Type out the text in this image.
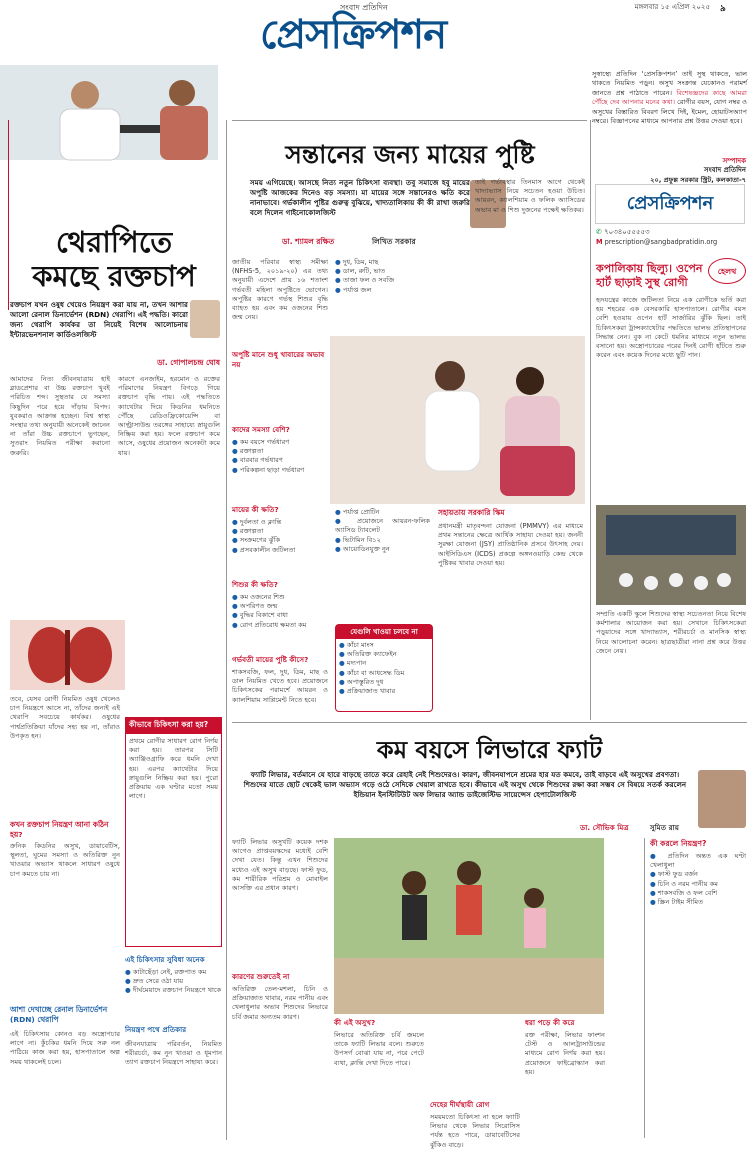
সংবাদ প্রতিদিন
প্রেসক্রিপশন
মঙ্গলবার ১৫ এপ্রিল ২০২৫ ৯
থেরাপিতে
কমছে রক্তচাপ
রক্তচাপ যখন ওষুধ খেয়েও নিয়ন্ত্রণ করা যায় না, তখন আশার আলো রেনাল ডিনার্ভেশন (RDN) থেরাপি। এই পদ্ধতি। কারো জন্য থেরাপি কার্যকর তা নিয়েই বিশেষ আলোচনায় ইন্টারভেনশনাল কার্ডিওলজিস্ট
ডা. গোপালচন্দ্র ঘোষ
আমাদের নিত্য জীবনযাত্রায় হাই ব্লাডপ্রেশার বা উচ্চ রক্তচাপ খুবই পরিচিত শব্দ। সুস্থতার যে সমস্যা কিছুদিন পরে হয়ে দাঁড়ায় বিপদ। যুবকরাও আক্রান্ত হচ্ছেন। বিশ্ব স্বাস্থ্য সংস্থার তথ্য অনুযায়ী অনেকেই জানেন না তাঁরা উচ্চ রক্তচাপে ভুগছেন, সুতরাং নিয়মিত পরীক্ষা করানো জরুরি।
কারণে এনজাইম, হরমোন ও রক্তের পরিমাণের নিয়ন্ত্রণ বিগড়ে গিয়ে রক্তচাপ বৃদ্ধি পায়। এই পদ্ধতিতে ক্যাথেটার দিয়ে কিডনির ধমনিতে পৌঁছে রেডিওফ্রিকোয়েন্সি বা আল্ট্রাসাউন্ড তরঙ্গের সাহায্যে স্নায়ুগুলি নিষ্ক্রিয় করা হয়। ফলে রক্তচাপ কমে আসে, ওষুধের প্রয়োজন অনেকটা কমে যায়।
তবে, যেসব রোগী নিয়মিত ওষুধ খেলেও চাপ নিয়ন্ত্রণে আসে না, তাঁদের জন্যই এই থেরাপি সবচেয়ে কার্যকর। ওষুধের পার্শ্বপ্রতিক্রিয়া যাঁদের সহ্য হয় না, তাঁরাও উপকৃত হন।
কীভাবে চিকিৎসা করা হয়?
প্রথমে রোগীর সাধারণ রোগ নির্ণয় করা হয়। তারপর সিটি অ্যাঞ্জিওগ্রাফি করে ধমনি দেখা হয়। এরপর ক্যাথেটার দিয়ে স্নায়ুগুলি নিষ্ক্রিয় করা হয়। পুরো প্রক্রিয়ায় এক ঘণ্টার মতো সময় লাগে।
কখন রক্তচাপ নিয়ন্ত্রণ আনা কঠিন হয়?
ক্রনিক কিডনির অসুখ, ডায়াবেটিস, স্থূলতা, ঘুমের সমস্যা ও অতিরিক্ত নুন খাওয়ার অভ্যাস থাকলে সাধারণ ওষুধে চাপ কমতে চায় না।
আশা দেখাচ্ছে রেনাল ডিনার্ভেশন (RDN) থেরাপি
এই চিকিৎসায় কোনও বড় অস্ত্রোপচার লাগে না। কুঁচকির ধমনি দিয়ে সরু নল পাঠিয়ে কাজ করা হয়, হাসপাতালে অল্প সময় থাকলেই চলে।
এই চিকিৎসার সুবিধা অনেক
● কাটাছেঁড়া নেই, রক্তপাত কম
● দ্রুত সেরে ওঠা যায়
● দীর্ঘমেয়াদে রক্তচাপ নিয়ন্ত্রণে থাকে
নিয়ন্ত্রণ পথে প্রতিকার
জীবনযাত্রায় পরিবর্তন, নিয়মিত শরীরচর্চা, কম নুন খাওয়া ও ধূমপান ত্যাগ রক্তচাপ নিয়ন্ত্রণে সাহায্য করে।
সন্তানের জন্য মায়ের পুষ্টি
সময় এগিয়েছে। আসছে নিত্য নতুন চিকিৎসা ব্যবস্থা। তবু সমাজে হবু মায়ের অপুষ্টি আজকের দিনেও বড় সমস্যা। মা মায়ের সঙ্গে সন্তানেরও ক্ষতি করে নানাভাবে। গর্ভকালীন পুষ্টির গুরুত্ব বুঝিয়ে, খাদ্যতালিকায় কী কী রাখা জরুরি বলে দিলেন গাইনোকোলজিস্ট
ডা. শ্যামল রক্ষিত	লিখিত সরকার
জাতীয় পরিবার স্বাস্থ্য সমীক্ষা (NFHS-5, ২০১৯-২০) এর তথ্য অনুযায়ী এদেশে প্রায় ১৬ শতাংশ গর্ভবতী মহিলা অপুষ্টিতে ভোগেন। অপুষ্টির কারণে গর্ভস্থ শিশুর বৃদ্ধি ব্যাহত হয় এবং কম ওজনের শিশু জন্ম নেয়।
● দুধ, ডিম, মাছ
● ডাল, রুটি, ভাত
● তাজা ফল ও সবজি
● পর্যাপ্ত জল
তাই গর্ভাবস্থার তিনমাস আগে থেকেই খাদ্যাভ্যাস নিয়ে সচেতন হওয়া উচিত। আয়রন, ক্যালশিয়াম ও ফলিক অ্যাসিডের অভাব মা ও শিশু দুজনের পক্ষেই ক্ষতিকর।
অপুষ্টি মানে শুধু খাবারের অভাব নয়
কাদের সমস্যা বেশি?
● কম বয়সে গর্ভধারণ
● রক্তাল্পতা
● বারবার গর্ভধারণ
● পরিকল্পনা ছাড়া গর্ভধারণ
মায়ের কী ক্ষতি?
● দুর্বলতা ও ক্লান্তি
● রক্তাল্পতা
● সংক্রমণের ঝুঁকি
● প্রসবকালীন জটিলতা
শিশুর কী ক্ষতি?
● কম ওজনের শিশু
● অপরিণত জন্ম
● বুদ্ধির বিকাশে বাধা
● রোগ প্রতিরোধ ক্ষমতা কম
গর্ভবতী মায়ের পুষ্টি কীসে?
শাকসবজি, ফল, দুধ, ডিম, মাছ ও ডাল নিয়মিত খেতে হবে। প্রয়োজনে চিকিৎসকের পরামর্শে আয়রন ও ক্যালশিয়াম সাপ্লিমেন্ট নিতে হবে।
● পর্যাপ্ত প্রোটিন
● প্রয়োজনে আয়রন-ফলিক অ্যাসিড ট্যাবলেট
● ভিটামিন বি১২
● আয়োডিনযুক্ত নুন
সহায়তায় সরকারি স্কিম
প্রধানমন্ত্রী মাতৃবন্দনা যোজনা (PMMVY) এর মাধ্যমে প্রথম সন্তানের ক্ষেত্রে আর্থিক সাহায্য দেওয়া হয়। জননী সুরক্ষা যোজনা (JSY) প্রাতিষ্ঠানিক প্রসবে উৎসাহ দেয়। আইসিডিএস (ICDS) প্রকল্পে অঙ্গনওয়াড়ি কেন্দ্র থেকে পুষ্টিকর খাবার দেওয়া হয়।
যেগুলি খাওয়া চলবে না
● কাঁচা মাংস
● অতিরিক্ত ক্যাফেইন
● মদ্যপান
● কাঁচা বা আধসেদ্ধ ডিম
● অপাস্তুরিত দুধ
● প্রক্রিয়াজাত খাবার
সুস্বাস্থ্যে প্রতিদিন ‘প্রেসক্রিপশন’ তাই সুস্থ থাকতে, ভাল থাকতে নিয়মিত পড়ুন। অসুখ সংক্রান্ত যেকোনও পরামর্শ জানতে প্রশ্ন পাঠাতে পারেন। বিশেষজ্ঞদের কাছে আমরা পৌঁছে দেব আপনার মনের কথা। রোগীর বয়স, যোগ নম্বর ও অসুখের বিস্তারিত বিবরণ লিখে দিই, ইমেল, হোয়াটসঅ্যাপ নম্বরে। বিজ্ঞাপনের মাধ্যমে আপনার প্রশ্ন উত্তর দেওয়া হবে।
সম্পাদক
সংবাদ প্রতিদিন
২০, প্রফুল্ল সরকার স্ট্রিট, কলকাতা-৭
প্রেসক্রিপশন
✆ ৭০৩৪০৫৫৫৫৩
M prescription@sangbadpratidin.org
কপালিকায় ছিল্যু। ওপেন হার্ট ছাড়াই সুস্থ রোগী
হেলথ
হৃদযন্ত্রের কাজে জটিলতা নিয়ে এক রোগীকে ভর্তি করা হয় শহরের এক বেসরকারি হাসপাতালে। রোগীর বয়স বেশি হওয়ায় ওপেন হার্ট সার্জারির ঝুঁকি ছিল। তাই চিকিৎসকরা ট্রান্সক্যাথেটার পদ্ধতিতে ভালভ প্রতিস্থাপনের সিদ্ধান্ত নেন। বুক না কেটে ধমনির মাধ্যমে নতুন ভালভ বসানো হয়। অস্ত্রোপচারের পরের দিনই রোগী হাঁটতে শুরু করেন এবং কয়েক দিনের মধ্যে ছুটি পান।
সম্প্রতি একটি স্কুলে শিশুদের স্বাস্থ্য সচেতনতা নিয়ে বিশেষ কর্মশালার আয়োজন করা হয়। সেখানে চিকিৎসকেরা পড়ুয়াদের সঙ্গে খাদ্যাভ্যাস, শরীরচর্চা ও মানসিক স্বাস্থ্য নিয়ে আলোচনা করেন। ছাত্রছাত্রীরা নানা প্রশ্ন করে উত্তর জেনে নেয়।
কম বয়সে লিভারে ফ্যাট
ফ্যাটি লিভার, বর্তমানে যে হারে বাড়ছে তাতে করে রেহাই নেই শিশুদেরও। কারণ, জীবনযাপনে শ্রমের হার যত কমবে, তাই বাড়বে এই অসুখের প্রবণতা। শিশুদের যাতে ছোট থেকেই ভাল অভ্যাস গড়ে ওঠে সেদিকে খেয়াল রাখতে হবে। কীভাবে এই অসুখ থেকে শিশুদের রক্ষা করা সম্ভব সে বিষয়ে সতর্ক করলেন ইন্ডিয়ান ইনস্টিটিউট অফ লিভার অ্যান্ড ডাইজেস্টিভ সায়েন্সেস হেপাটোলজিস্ট
ডা. সৌভিক মিত্র	সুমিত রায়
ফ্যাটি লিভার অসুখটি কয়েক দশক আগেও প্রাপ্তবয়স্কদের মধ্যেই বেশি দেখা যেত। কিন্তু এখন শিশুদের মধ্যেও এই অসুখ বাড়ছে। ফাস্ট ফুড, কম শারীরিক পরিশ্রম ও মোবাইল আসক্তি এর প্রধান কারণ।
কারণের শুরুতেই না
অতিরিক্ত তেল-মশলা, চিনি ও প্রক্রিয়াজাত খাবার, নরম পানীয় এবং খেলাধুলার অভাব শিশুদের লিভারে চর্বি জমার অন্যতম কারণ।
কী এই অসুখ?
লিভারে অতিরিক্ত চর্বি জমলে তাকে ফ্যাটি লিভার বলে। শুরুতে উপসর্গ বোঝা যায় না, পরে পেটে ব্যথা, ক্লান্তি দেখা দিতে পারে।
দেহের দীর্ঘস্থায়ী রোগ
সময়মতো চিকিৎসা না হলে ফ্যাটি লিভার থেকে লিভার সিরোসিস পর্যন্ত হতে পারে, ডায়াবেটিসের ঝুঁকিও বাড়ে।
ধরা পড়ে কী করে
রক্ত পরীক্ষা, লিভার ফাংশন টেস্ট ও আলট্রাসাউন্ডের মাধ্যমে রোগ নির্ণয় করা হয়। প্রয়োজনে ফাইব্রোস্ক্যান করা হয়।
কী করলে নিয়ন্ত্রণ?
● প্রতিদিন অন্তত এক ঘণ্টা খেলাধুলা
● ফাস্ট ফুড বর্জন
● চিনি ও নরম পানীয় কম
● শাকসবজি ও ফল বেশি
● স্ক্রিন টাইম সীমিত
